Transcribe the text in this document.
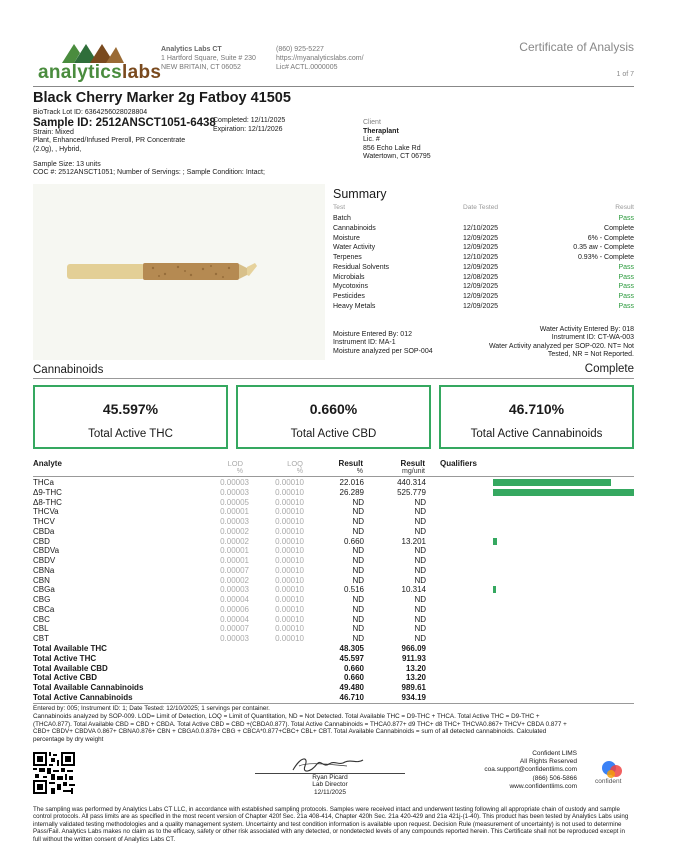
analyticslabs
Analytics Labs CT
1 Hartford Square, Suite # 230
NEW BRITAIN, CT 06052
(860) 925-5227
https://myanalyticslabs.com/
Lic# ACTL.0000005
Certificate of Analysis
1 of 7
Black Cherry Marker 2g Fatboy 41505
BioTrack Lot ID: 6364256028028804
Sample ID: 2512ANSCT1051-6438
Completed: 12/11/2025
Expiration: 12/11/2026
Strain: Mixed
Plant, Enhanced/Infused Preroll, PR Concentrate
(2.0g), , Hybrid,
Sample Size: 13 units
COC #: 2512ANSCT1051; Number of Servings: ; Sample Condition: Intact;
Client
Theraplant
Lic. #
856 Echo Lake Rd
Watertown, CT 06795
Summary
Test	Date Tested	Result
Batch	Pass
Cannabinoids	12/10/2025	Complete
Moisture	12/09/2025	6% - Complete
Water Activity	12/09/2025	0.35 aw - Complete
Terpenes	12/10/2025	0.93% - Complete
Residual Solvents	12/09/2025	Pass
Microbials	12/08/2025	Pass
Mycotoxins	12/09/2025	Pass
Pesticides	12/09/2025	Pass
Heavy Metals	12/09/2025	Pass
Moisture Entered By: 012
Instrument ID: MA-1
Moisture analyzed per SOP-004
Water Activity Entered By: 018
Instrument ID: CT-WA-003
Water Activity analyzed per SOP-020. NT= Not
Tested, NR = Not Reported.
Cannabinoids	Complete
45.597%
Total Active THC
0.660%
Total Active CBD
46.710%
Total Active Cannabinoids
Analyte	LOD	LOQ	Result	Result Qualifiers
%	%	%	mg/unit
THCa	0.00003	0.00010	22.016	440.314
Δ9-THC	0.00003	0.00010	26.289	525.779
Δ8-THC	0.00005	0.00010	ND	ND
THCVa	0.00001	0.00010	ND	ND
THCV	0.00003	0.00010	ND	ND
CBDa	0.00002	0.00010	ND	ND
CBD	0.00002	0.00010	0.660	13.201
CBDVa	0.00001	0.00010	ND	ND
CBDV	0.00001	0.00010	ND	ND
CBNa	0.00007	0.00010	ND	ND
CBN	0.00002	0.00010	ND	ND
CBGa	0.00003	0.00010	0.516	10.314
CBG	0.00004	0.00010	ND	ND
CBCa	0.00006	0.00010	ND	ND
CBC	0.00004	0.00010	ND	ND
CBL	0.00007	0.00010	ND	ND
CBT	0.00003	0.00010	ND	ND
Total Available THC	48.305	966.09
Total Active THC	45.597	911.93
Total Available CBD	0.660	13.20
Total Active CBD	0.660	13.20
Total Available Cannabinoids	49.480	989.61
Total Active Cannabinoids	46.710	934.19
Entered by: 005; Instrument ID: 1; Date Tested: 12/10/2025; 1 servings per container.
Cannabinoids analyzed by SOP-009. LOD= Limit of Detection, LOQ = Limit of Quantitation, ND = Not Detected. Total Available THC = D9-THC + THCA. Total Active THC = D9-THC +
(THCA0.877). Total Available CBD = CBD + CBDA. Total Active CBD = CBD +(CBDA0.877). Total Active Cannabinoids = THCA0.877+ d9 THC+ d8 THC+ THCVA0.867+ THCV+ CBDA 0.877 +
CBD+ CBDV+ CBDVA 0.867+ CBNA0.876+ CBN + CBGA0.0.878+ CBG + CBCA*0.877+CBC+ CBL+ CBT. Total Available Cannabinoids = sum of all detected cannabinoids. Calculated
percentage by dry weight
Ryan Picard
Lab Director
12/11/2025
Confident LIMS
All Rights Reserved
coa.support@confidentlims.com
(866) 506-5866
www.confidentlims.com
confident
The sampling was performed by Analytics Labs CT LLC, in accordance with established sampling protocols. Samples were received intact and underwent testing following all appropriate chain of custody and sample control protocols. All pass limits are as specified in the most recent version of Chapter 420f Sec. 21a 408-414, Chapter 420h Sec. 21a 420-429 and 21a 421j-(1-40). This product has been tested by Analytics Labs using internally validated testing methodologies and a quality management system. Uncertainty and test condition information is available upon request. Decision Rule (measurement of uncertainty) is not used to determine Pass/Fail. Analytics Labs makes no claim as to the efficacy, safety or other risk associated with any detected, or nondetected levels of any compounds reported herein. This Certificate shall not be reproduced except in full without the written consent of Analytics Labs CT.
